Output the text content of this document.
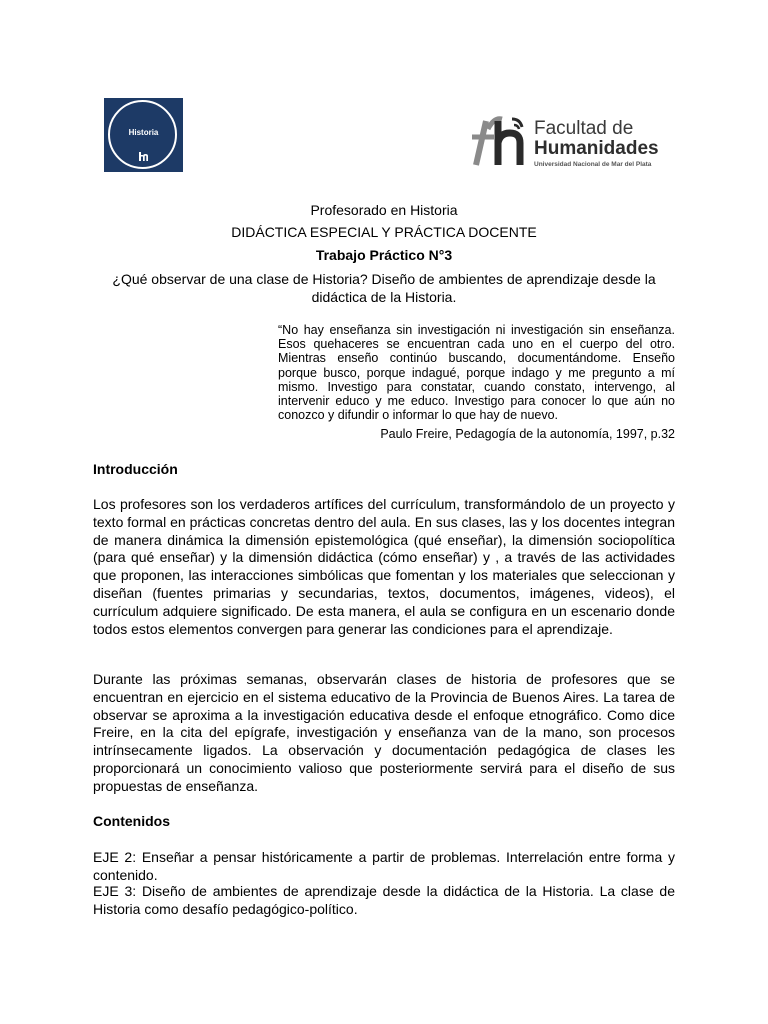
Historia	Facultad de
Humanidades
Universidad Nacional de Mar del Plata
Profesorado en Historia
DIDÁCTICA ESPECIAL Y PRÁCTICA DOCENTE
Trabajo Práctico N°3
¿Qué observar de una clase de Historia? Diseño de ambientes de aprendizaje desde la
didáctica de la Historia.
“No hay enseñanza sin investigación ni investigación sin enseñanza. Esos quehaceres se encuentran cada uno en el cuerpo del otro. Mientras enseño continúo buscando, documentándome. Enseño porque busco, porque indagué, porque indago y me pregunto a mí mismo. Investigo para constatar, cuando constato, intervengo, al intervenir educo y me educo. Investigo para conocer lo que aún no conozco y difundir o informar lo que hay de nuevo.
Paulo Freire, Pedagogía de la autonomía, 1997, p.32
Introducción

Los profesores son los verdaderos artífices del currículum, transformándolo de un proyecto y texto formal en prácticas concretas dentro del aula. En sus clases, las y los docentes integran de manera dinámica la dimensión epistemológica (qué enseñar), la dimensión sociopolítica (para qué enseñar) y la dimensión didáctica (cómo enseñar) y , a través de las actividades que proponen, las interacciones simbólicas que fomentan y los materiales que seleccionan y diseñan (fuentes primarias y secundarias, textos, documentos, imágenes, videos), el currículum adquiere significado. De esta manera, el aula se configura en un escenario donde todos estos elementos convergen para generar las condiciones para el aprendizaje.

Durante las próximas semanas, observarán clases de historia de profesores que se encuentran en ejercicio en el sistema educativo de la Provincia de Buenos Aires. La tarea de observar se aproxima a la investigación educativa desde el enfoque etnográfico. Como dice Freire, en la cita del epígrafe, investigación y enseñanza van de la mano, son procesos intrínsecamente ligados. La observación y documentación pedagógica de clases les proporcionará un conocimiento valioso que posteriormente servirá para el diseño de sus propuestas de enseñanza.

Contenidos

EJE 2: Enseñar a pensar históricamente a partir de problemas. Interrelación entre forma y contenido.

EJE 3: Diseño de ambientes de aprendizaje desde la didáctica de la Historia. La clase de Historia como desafío pedagógico-político.
